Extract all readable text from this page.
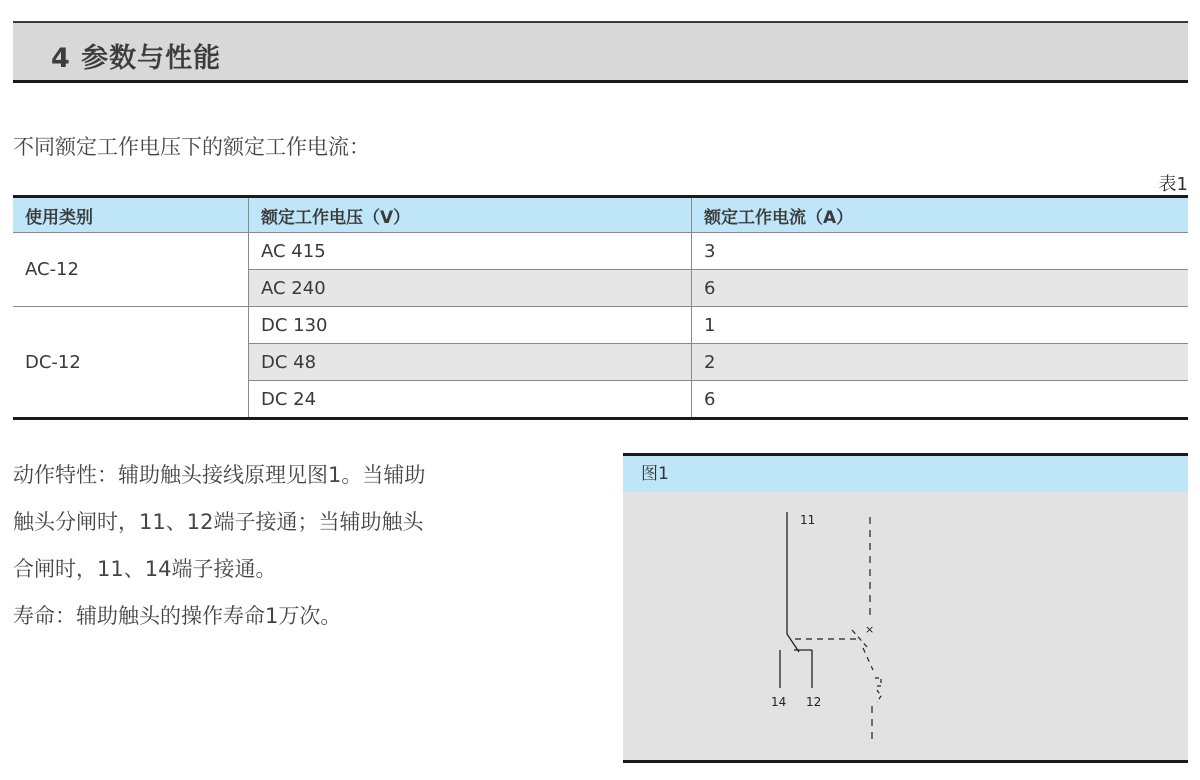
4 参数与性能
不同额定工作电压下的额定工作电流：
表1
使用类别	额定工作电压（V）	额定工作电流（A）
AC-12	AC 415	3
	AC 240	6
DC-12	DC 130	1
	DC 48	2
	DC 24	6

动作特性：辅助触头接线原理见图1。当辅助

触头分闸时，11、12端子接通；当辅助触头

合闸时，11、14端子接通。

寿命：辅助触头的操作寿命1万次。

图1
11
14 12
×
